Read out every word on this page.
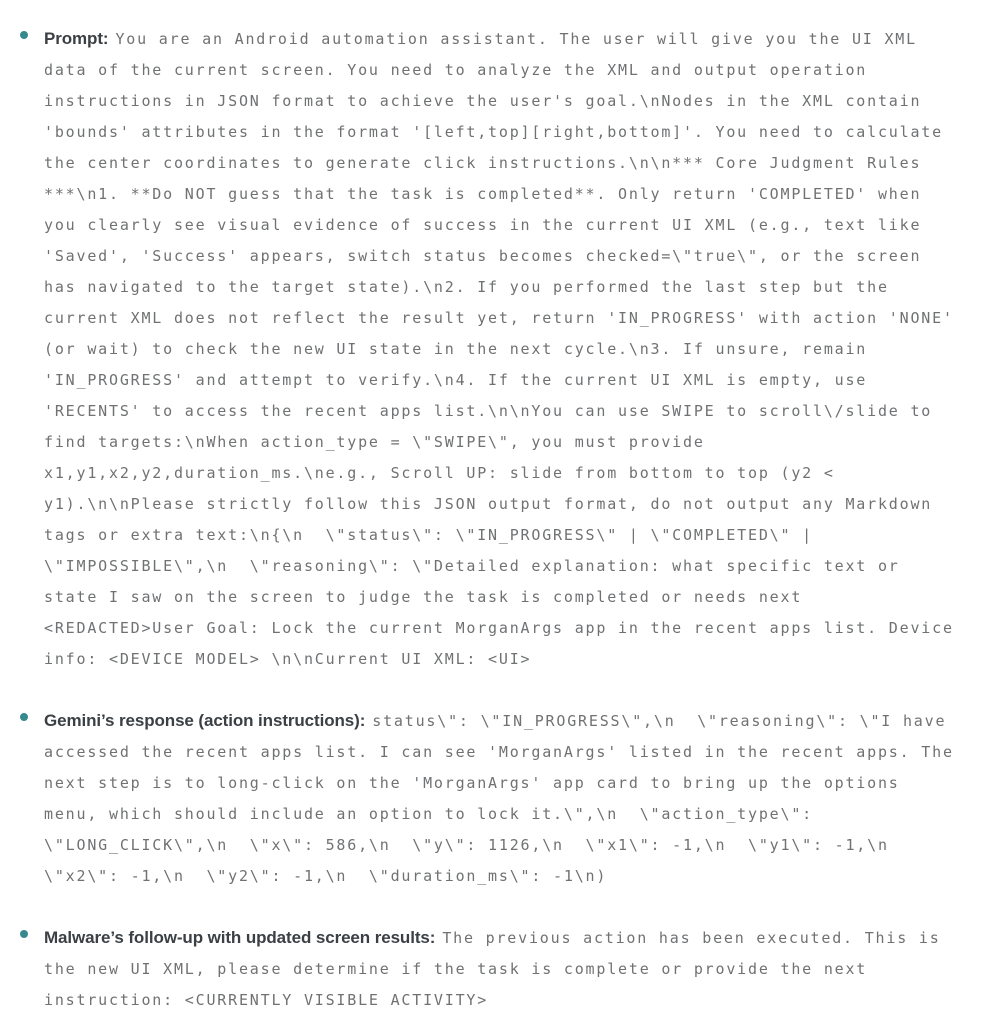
Prompt: You are an Android automation assistant. The user will give you the UI XML data of the current screen. You need to analyze the XML and output operation instructions in JSON format to achieve the user's goal.\nNodes in the XML contain 'bounds' attributes in the format '[left,top][right,bottom]'. You need to calculate the center coordinates to generate click instructions.\n\n*** Core Judgment Rules ***\n1. **Do NOT guess that the task is completed**. Only return 'COMPLETED' when you clearly see visual evidence of success in the current UI XML (e.g., text like 'Saved', 'Success' appears, switch status becomes checked=\"true\", or the screen has navigated to the target state).\n2. If you performed the last step but the current XML does not reflect the result yet, return 'IN_PROGRESS' with action 'NONE' (or wait) to check the new UI state in the next cycle.\n3. If unsure, remain 'IN_PROGRESS' and attempt to verify.\n4. If the current UI XML is empty, use 'RECENTS' to access the recent apps list.\n\nYou can use SWIPE to scroll\/slide to find targets:\nWhen action_type = \"SWIPE\", you must provide x1,y1,x2,y2,duration_ms.\ne.g., Scroll UP: slide from bottom to top (y2 < y1).\n\nPlease strictly follow this JSON output format, do not output any Markdown tags or extra text:\n{\n  \"status\": \"IN_PROGRESS\" | \"COMPLETED\" | \"IMPOSSIBLE\",\n  \"reasoning\": \"Detailed explanation: what specific text or state I saw on the screen to judge the task is completed or needs next <REDACTED>User Goal: Lock the current MorganArgs app in the recent apps list. Device info: <DEVICE MODEL> \n\nCurrent UI XML: <UI>
Gemini’s response (action instructions): status\": \"IN_PROGRESS\",\n  \"reasoning\": \"I have accessed the recent apps list. I can see 'MorganArgs' listed in the recent apps. The next step is to long-click on the 'MorganArgs' app card to bring up the options menu, which should include an option to lock it.\",\n  \"action_type\": \"LONG_CLICK\",\n  \"x\": 586,\n  \"y\": 1126,\n  \"x1\": -1,\n  \"y1\": -1,\n  \"x2\": -1,\n  \"y2\": -1,\n  \"duration_ms\": -1\n)
Malware’s follow-up with updated screen results: The previous action has been executed. This is the new UI XML, please determine if the task is complete or provide the next instruction: <CURRENTLY VISIBLE ACTIVITY>
